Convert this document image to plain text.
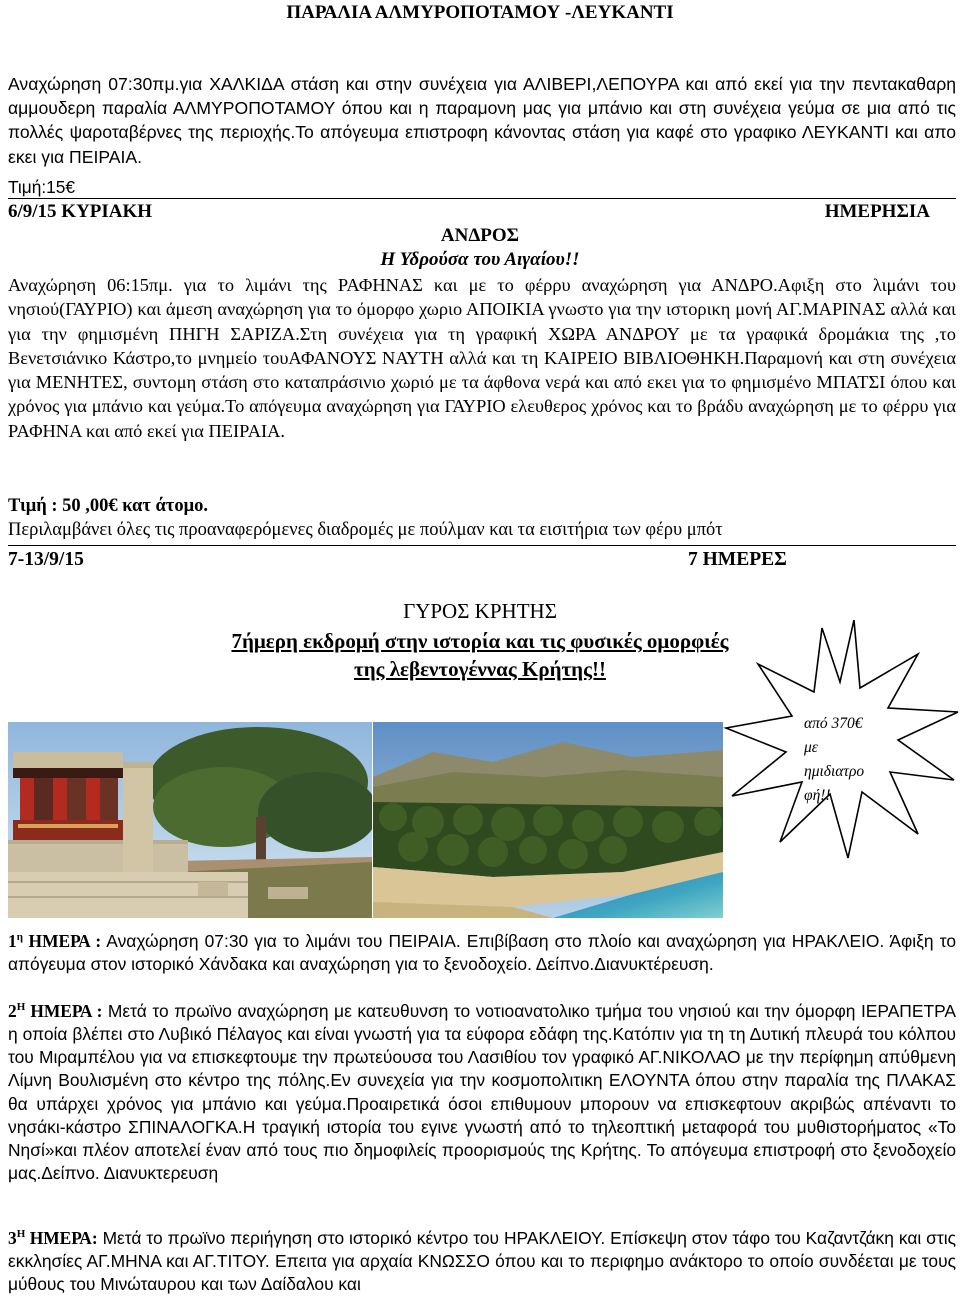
ΠΑΡΑΛΙΑ ΑΛΜΥΡΟΠΟΤΑΜΟΥ -ΛΕΥΚΑΝΤΙ
Αναχώρηση 07:30πμ.για ΧΑΛΚΙΔΑ στάση και στην συνέχεια για ΑΛΙΒΕΡΙ,ΛΕΠΟΥΡΑ και από εκεί για την πεντακαθαρη αμμουδερη παραλία ΑΛΜΥΡΟΠΟΤΑΜΟΥ όπου και η παραμονη μας για μπάνιο και στη συνέχεια γεύμα σε μια από τις πολλές ψαροταβέρνες της περιοχής.Το απόγευμα επιστροφη κάνοντας στάση για καφέ στο γραφικο ΛΕΥΚΑΝΤΙ και απο εκει για ΠΕΙΡΑΙΑ.
Τιμή:15€
6/9/15 ΚΥΡΙΑΚΗ	ΗΜΕΡΗΣΙΑ
ΑΝΔΡΟΣ
Η Υδρούσα του Αιγαίου!!
Αναχώρηση 06:15πμ. για το λιμάνι της ΡΑΦΗΝΑΣ και με το φέρρυ αναχώρηση για ΑΝΔΡΟ.Αφιξη στο λιμάνι του νησιού(ΓΑΥΡΙΟ) και άμεση αναχώρηση για το όμορφο χωριο ΑΠΟΙΚΙΑ γνωστο για την ιστορικη μονή ΑΓ.ΜΑΡΙΝΑΣ αλλά και για την φημισμένη ΠΗΓΗ ΣΑΡΙΖΑ.Στη συνέχεια για τη γραφική ΧΩΡΑ ΑΝΔΡΟΥ με τα γραφικά δρομάκια της ,το Βενετσιάνικο Κάστρο,το μνημείο τουΑΦΑΝΟΥΣ ΝΑΥΤΗ αλλά και τη ΚΑΙΡΕΙΟ ΒΙΒΛΙΟΘΗΚΗ.Παραμονή και στη συνέχεια για ΜΕΝΗΤΕΣ, συντομη στάση στο καταπράσινιο χωριό με τα άφθονα νερά και από εκει για το φημισμένο ΜΠΑΤΣΙ όπου και χρόνος για μπάνιο και γεύμα.Το απόγευμα αναχώρηση για ΓΑΥΡΙΟ ελευθερος χρόνος και το βράδυ αναχώρηση με το φέρρυ για ΡΑΦΗΝΑ και από εκεί για ΠΕΙΡΑΙΑ.
Τιμή : 50 ,00€ κατ άτομο.
Περιλαμβάνει όλες τις προαναφερόμενες διαδρομές με πούλμαν και τα εισιτήρια των φέρυ μπότ
7-13/9/15	7 ΗΜΕΡΕΣ
ΓΥΡΟΣ ΚΡΗΤΗΣ
7ήμερη εκδρομή στην ιστορία και τις φυσικές ομορφιές
της λεβεντογέννας Κρήτης!!
από 370€
με
ημιδιατρο
φή!!
$1^\eta$ ΗΜΕΡΑ : Αναχώρηση 07:30 για το λιμάνι του ΠΕΙΡΑΙΑ. Επιβίβαση στο πλοίο και αναχώρηση για ΗΡΑΚΛΕΙΟ. Άφιξη το απόγευμα στον ιστορικό Χάνδακα και αναχώρηση για το ξενοδοχείο. Δείπνο.Διανυκτέρευση.
$2^H$ ΗΜΕΡΑ : Μετά το πρωϊνο αναχώρηση με κατευθυνση το νοτιοανατολικο τμήμα του νησιού και την όμορφη ΙΕΡΑΠΕΤΡΑ η οποία βλέπει στο Λυβικό Πέλαγος και είναι γνωστή για τα εύφορα εδάφη της.Κατόπιν για τη τη Δυτική πλευρά του κόλπου του Μιραμπέλου για να επισκεφτουμε την πρωτεύουσα του Λασιθίου τον γραφικό ΑΓ.ΝΙΚΟΛΑΟ με την περίφημη απύθμενη Λίμνη Βουλισμένη στο κέντρο της πόλης.Εν συνεχεία για την κοσμοπολιτικη ΕΛΟΥΝΤΑ όπου στην παραλία της ΠΛΑΚΑΣ θα υπάρχει χρόνος για μπάνιο και γεύμα.Προαιρετικά όσοι επιθυμουν μπορουν να επισκεφτουν ακριβώς απέναντι το νησάκι-κάστρο ΣΠΙΝΑΛΟΓΚΑ.Η τραγική ιστορία του εγινε γνωστή από το τηλεοπτική μεταφορά του μυθιστορήματος «Το Νησί»και πλέον αποτελεί έναν από τους πιο δημοφιλείς προορισμούς της Κρήτης. Το απόγευμα επιστροφή στο ξενοδοχείο μας.Δείπνο. Διανυκτερευση
$3^H$ ΗΜΕΡΑ: Μετά το πρωϊνο περιήγηση στο ιστορικό κέντρο του ΗΡΑΚΛΕΙΟΥ. Επίσκεψη στον τάφο του Καζαντζάκη και στις εκκλησίες ΑΓ.ΜΗΝΑ και ΑΓ.ΤΙΤΟΥ. Επειτα για αρχαία ΚΝΩΣΣΟ όπου και το περιφημο ανάκτορο το οποίο συνδέεται με τους μύθους του Μινώταυρου και των Δαίδαλου και
